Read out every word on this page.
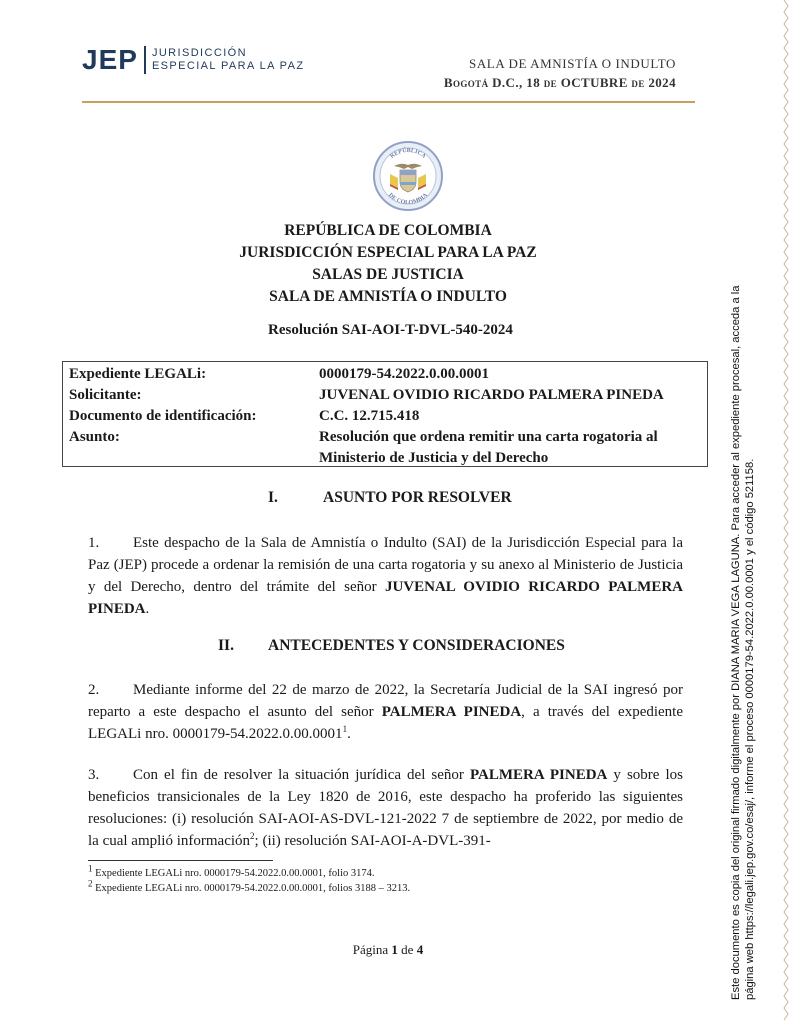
Este documento es copia del original firmado digitalmente por DIANA MARIA VEGA LAGUNA. Para acceder al expediente procesal, acceda a la página web https://legali.jep.gov.co/esaj/, informe el proceso 0000179-54.2022.0.00.0001 y el código 521158.
JEP JURISDICCIÓN
ESPECIAL PARA LA PAZ	SALA DE AMNISTÍA O INDULTO
Bogotá D.C., 18 de OCTUBRE de 2024
REPÚBLICA
DE COLOMBIA
REPÚBLICA DE COLOMBIA
JURISDICCIÓN ESPECIAL PARA LA PAZ
SALAS DE JUSTICIA
SALA DE AMNISTÍA O INDULTO
Resolución SAI-AOI-T-DVL-540-2024
Expediente LEGALi:	0000179-54.2022.0.00.0001
Solicitante:	JUVENAL OVIDIO RICARDO PALMERA PINEDA
Documento de identificación:	C.C. 12.715.418
Asunto:	Resolución que ordena remitir una carta rogatoria al
Ministerio de Justicia y del Derecho
I.	ASUNTO POR RESOLVER
1. Este despacho de la Sala de Amnistía o Indulto (SAI) de la Jurisdicción Especial para la Paz (JEP) procede a ordenar la remisión de una carta rogatoria y su anexo al Ministerio de Justicia y del Derecho, dentro del trámite del señor JUVENAL OVIDIO RICARDO PALMERA PINEDA.
II. ANTECEDENTES Y CONSIDERACIONES
2. Mediante informe del 22 de marzo de 2022, la Secretaría Judicial de la SAI ingresó por reparto a este despacho el asunto del señor PALMERA PINEDA, a través del expediente LEGALi nro. 0000179-54.2022.0.00.0001$^1$.
3. Con el fin de resolver la situación jurídica del señor PALMERA PINEDA y sobre los beneficios transicionales de la Ley 1820 de 2016, este despacho ha proferido las siguientes resoluciones: (i) resolución SAI-AOI-AS-DVL-121-2022 7 de septiembre de 2022, por medio de la cual amplió información$^2$; (ii) resolución SAI-AOI-A-DVL-391-
$^1$ Expediente LEGALi nro. 0000179-54.2022.0.00.0001, folio 3174.
$^2$ Expediente LEGALi nro. 0000179-54.2022.0.00.0001, folios 3188 – 3213.
Página 1 de 4
